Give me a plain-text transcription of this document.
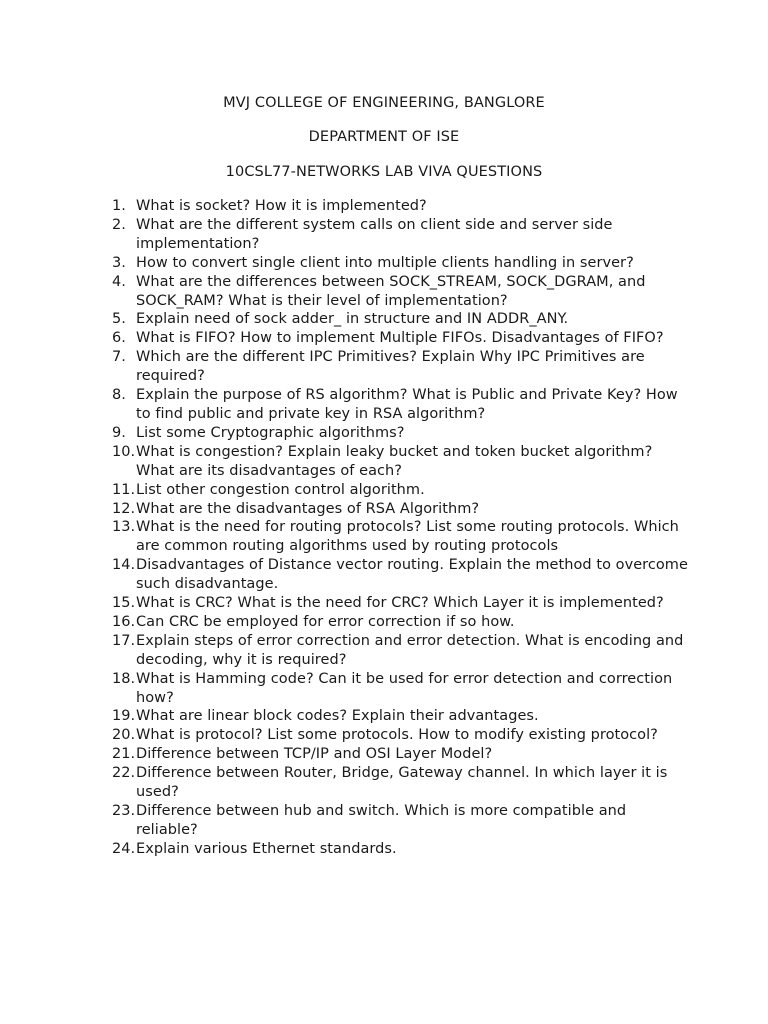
MVJ COLLEGE OF ENGINEERING, BANGLORE
DEPARTMENT OF ISE
10CSL77-NETWORKS LAB VIVA QUESTIONS
1. What is socket? How it is implemented?
2. What are the different system calls on client side and server side implementation?
3. How to convert single client into multiple clients handling in server?
4. What are the differences between SOCK_STREAM, SOCK_DGRAM, and SOCK_RAM? What is their level of implementation?
5. Explain need of sock adder_ in structure and IN ADDR_ANY.
6. What is FIFO? How to implement Multiple FIFOs. Disadvantages of FIFO?
7. Which are the different IPC Primitives? Explain Why IPC Primitives are required?
8. Explain the purpose of RS algorithm? What is Public and Private Key? How to find public and private key in RSA algorithm?
9. List some Cryptographic algorithms?
10. What is congestion? Explain leaky bucket and token bucket algorithm? What are its disadvantages of each?
11. List other congestion control algorithm.
12. What are the disadvantages of RSA Algorithm?
13. What is the need for routing protocols? List some routing protocols. Which are common routing algorithms used by routing protocols
14. Disadvantages of Distance vector routing. Explain the method to overcome such disadvantage.
15. What is CRC? What is the need for CRC? Which Layer it is implemented?
16. Can CRC be employed for error correction if so how.
17. Explain steps of error correction and error detection. What is encoding and decoding, why it is required?
18. What is Hamming code? Can it be used for error detection and correction how?
19. What are linear block codes? Explain their advantages.
20. What is protocol? List some protocols. How to modify existing protocol?
21. Difference between TCP/IP and OSI Layer Model?
22. Difference between Router, Bridge, Gateway channel. In which layer it is used?
23. Difference between hub and switch. Which is more compatible and reliable?
24. Explain various Ethernet standards.
